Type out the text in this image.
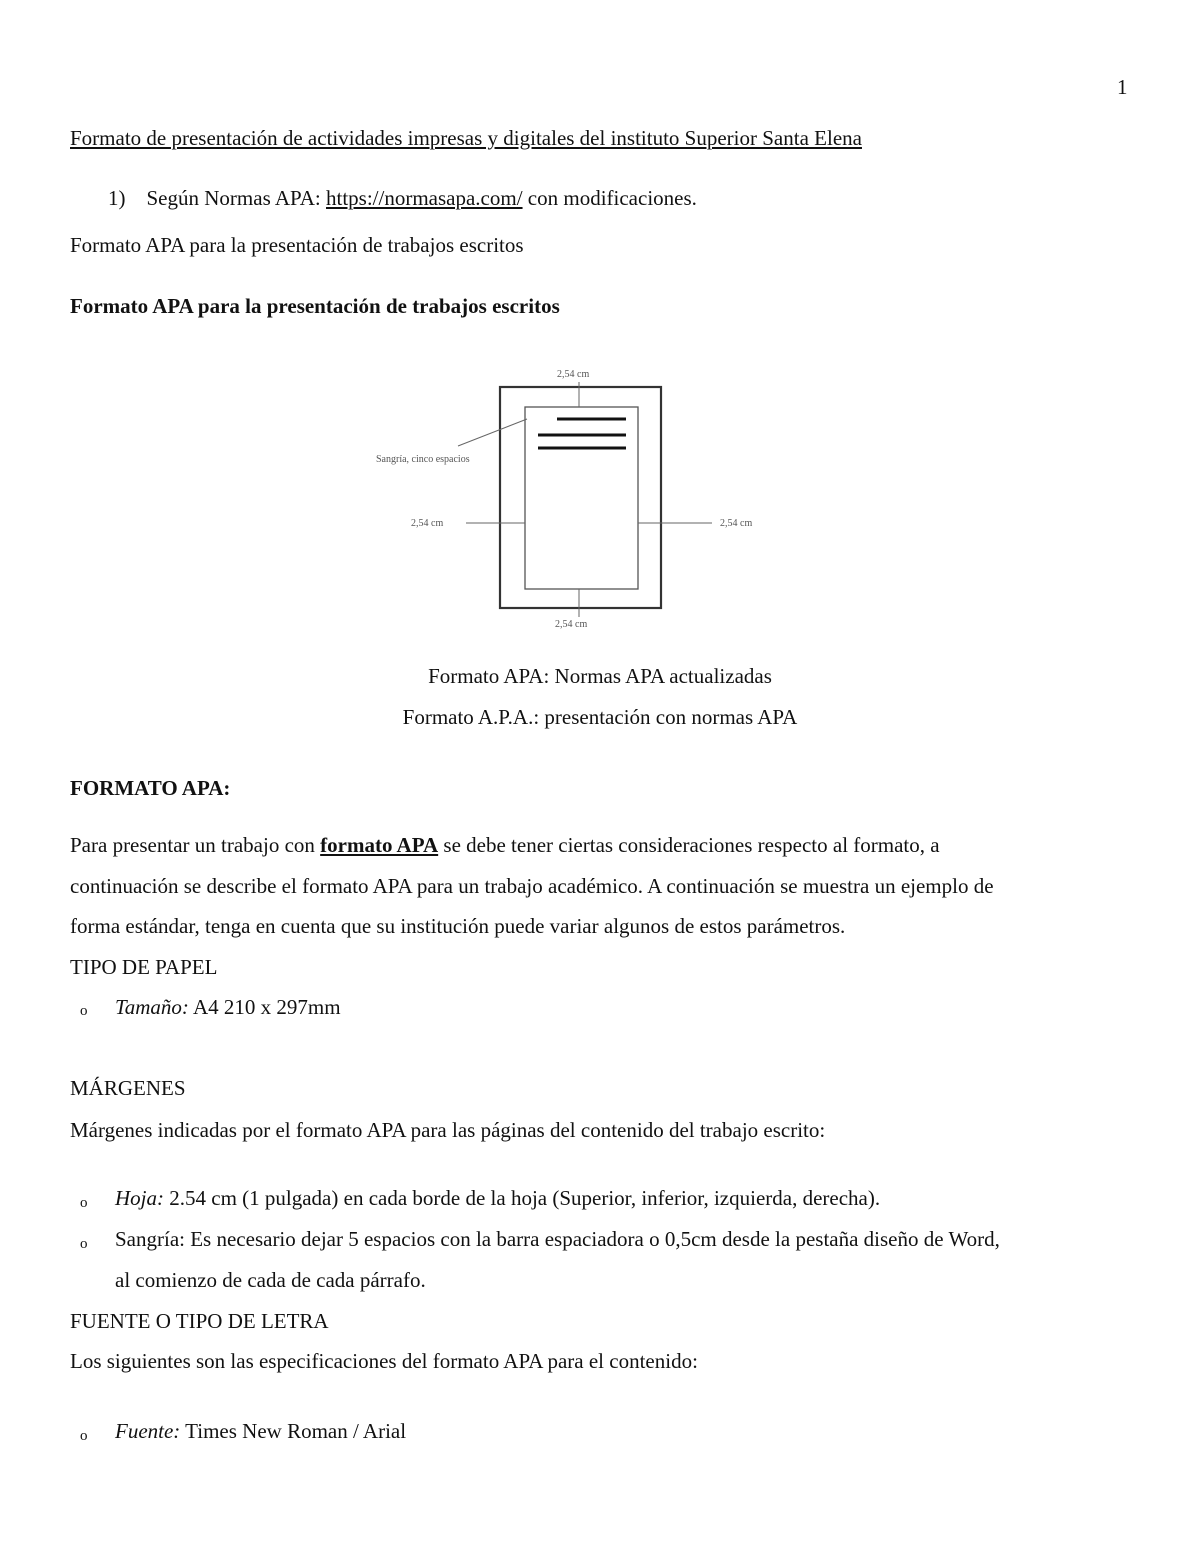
1
Formato de presentación de actividades impresas y digitales del instituto Superior Santa Elena
1) Según Normas APA: https://normasapa.com/ con modificaciones.
Formato APA para la presentación de trabajos escritos
Formato APA para la presentación de trabajos escritos
2,54 cm
2,54 cm	2,54 cm
2,54 cm
Sangría, cinco espacios
Formato APA: Normas APA actualizadas
Formato A.P.A.: presentación con normas APA
FORMATO APA:
Para presentar un trabajo con formato APA se debe tener ciertas consideraciones respecto al formato, a
continuación se describe el formato APA para un trabajo académico. A continuación se muestra un ejemplo de
forma estándar, tenga en cuenta que su institución puede variar algunos de estos parámetros.
TIPO DE PAPEL
o Tamaño: A4 210 x 297mm
MÁRGENES
Márgenes indicadas por el formato APA para las páginas del contenido del trabajo escrito:
o Hoja: 2.54 cm (1 pulgada) en cada borde de la hoja (Superior, inferior, izquierda, derecha).
o Sangría: Es necesario dejar 5 espacios con la barra espaciadora o 0,5cm desde la pestaña diseño de Word,
al comienzo de cada de cada párrafo.
FUENTE O TIPO DE LETRA
Los siguientes son las especificaciones del formato APA para el contenido:
o Fuente: Times New Roman / Arial
